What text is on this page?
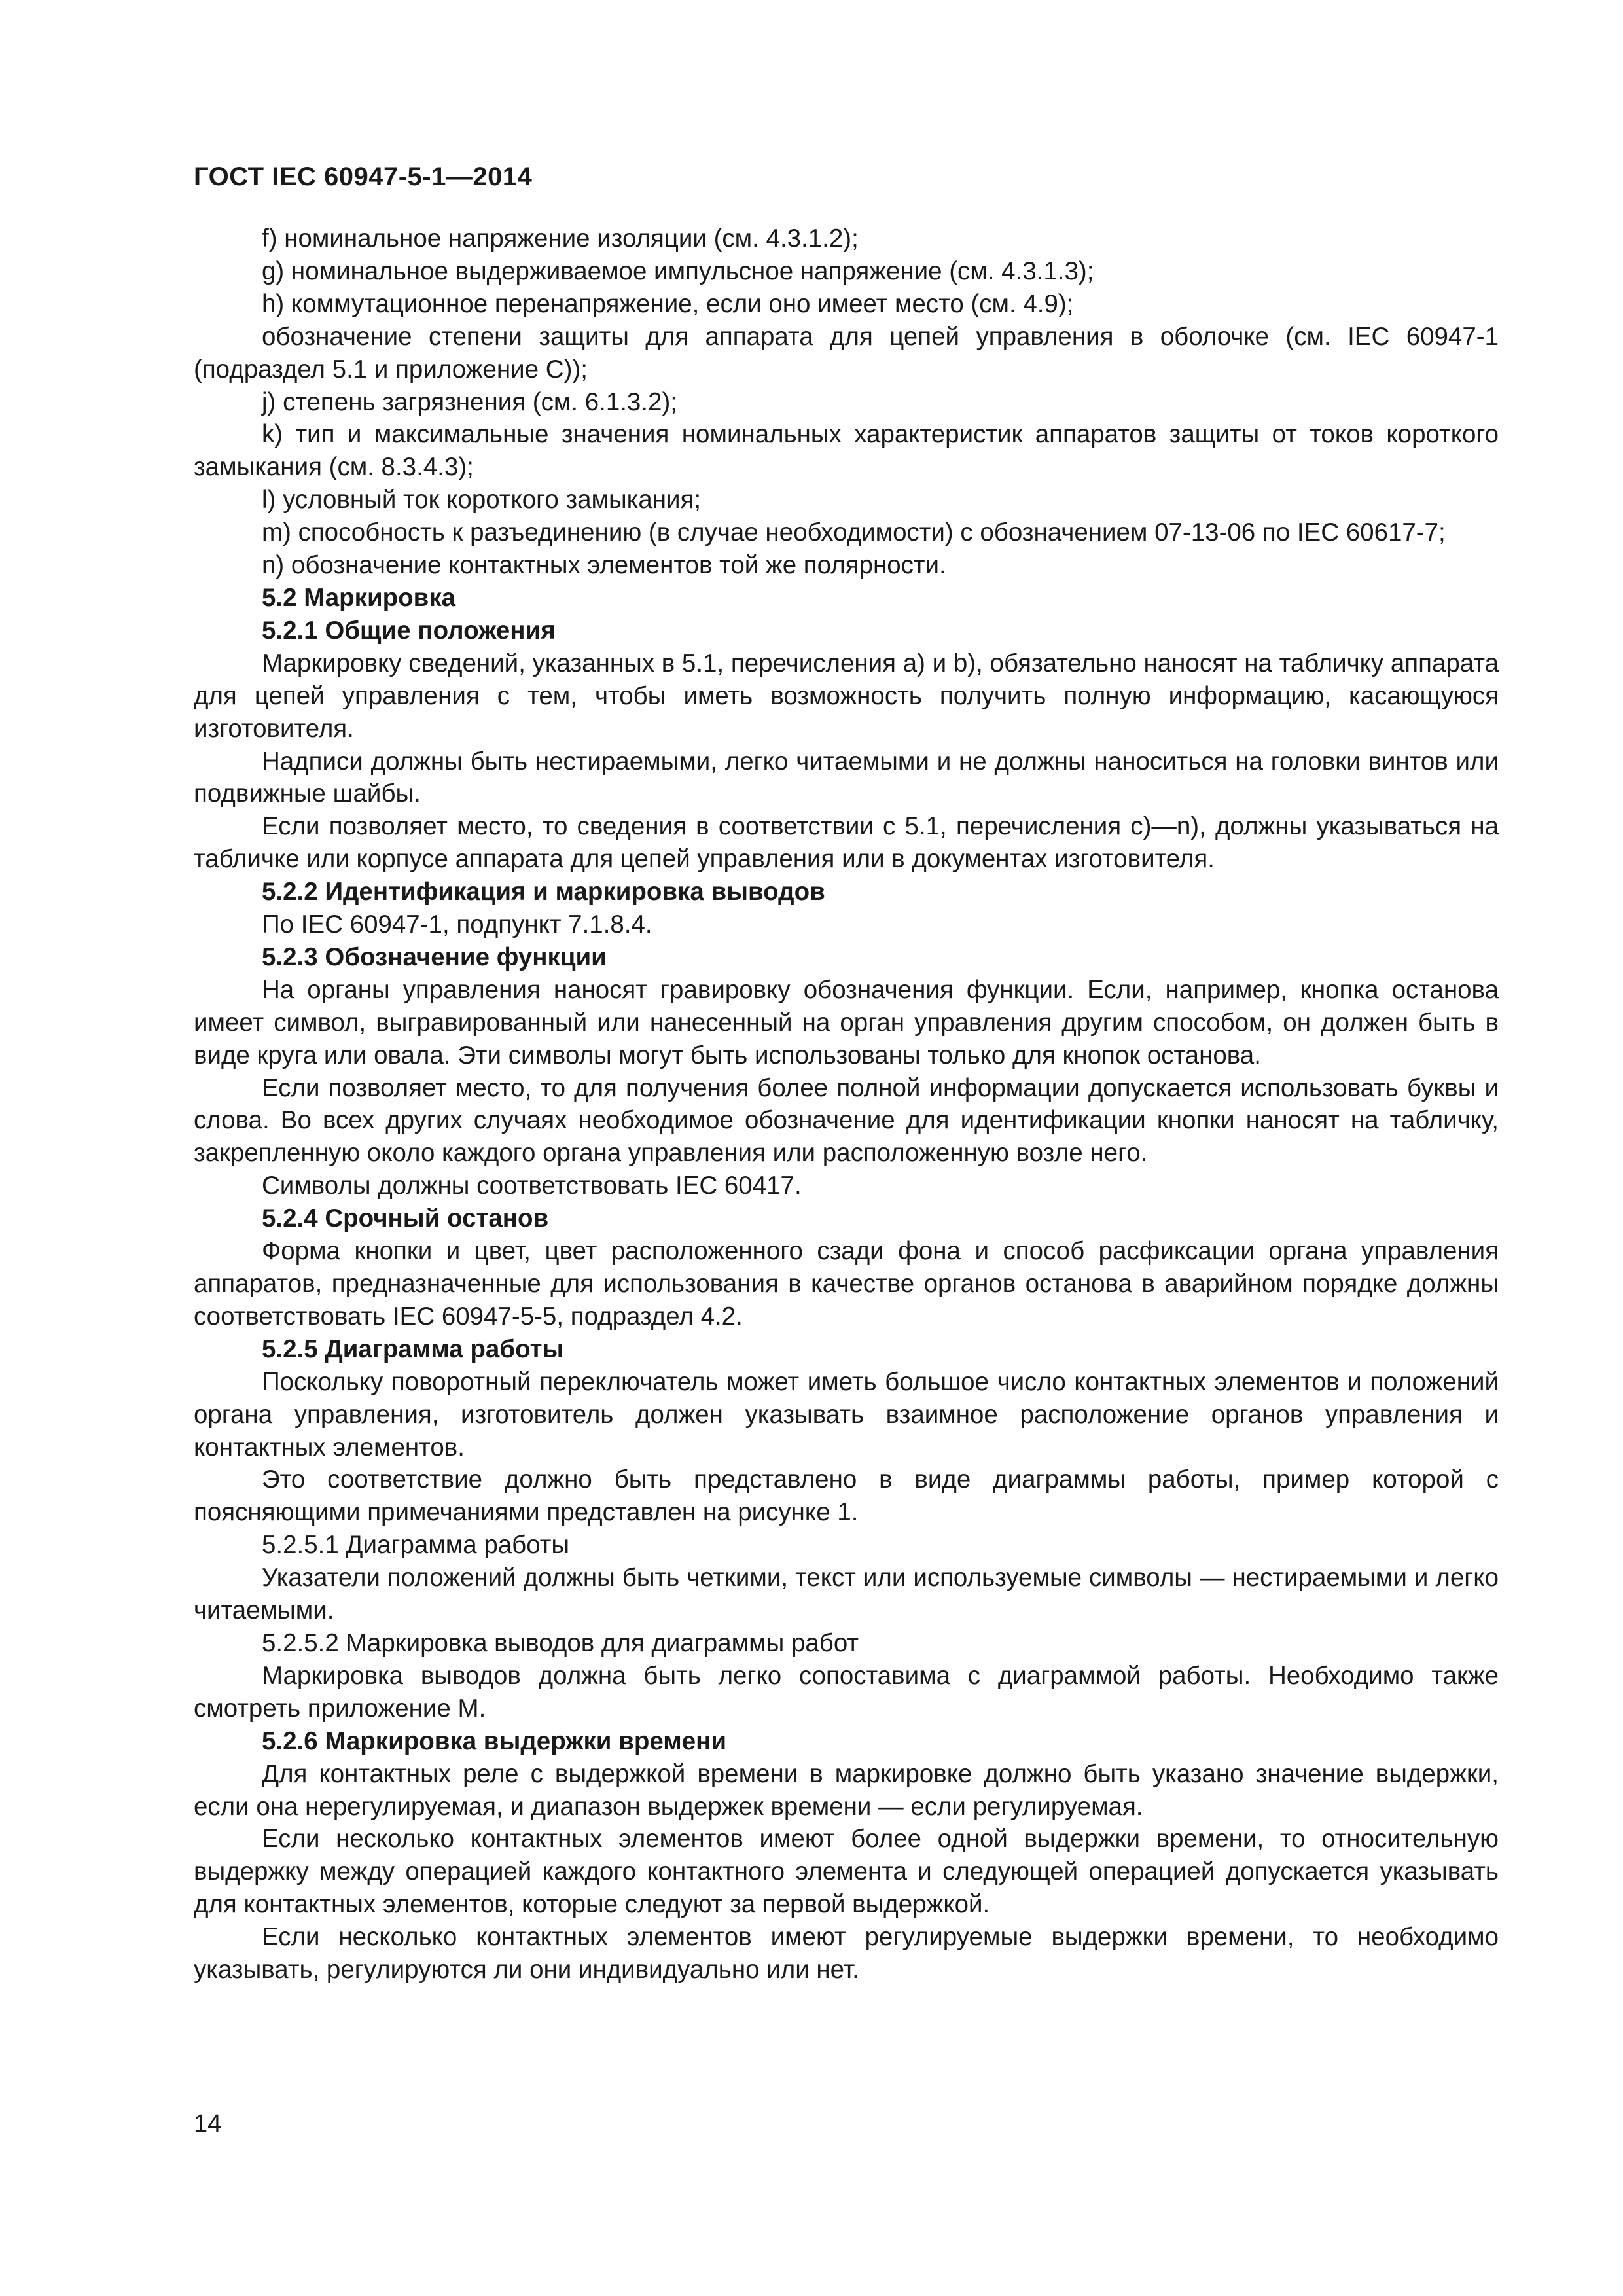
ГОСТ IEC 60947-5-1—2014

f) номинальное напряжение изоляции (см. 4.3.1.2);

g) номинальное выдерживаемое импульсное напряжение (см. 4.3.1.3);

h) коммутационное перенапряжение, если оно имеет место (см. 4.9);

обозначение степени защиты для аппарата для цепей управления в оболочке (см. IEC 60947-1 (подраздел 5.1 и приложение С));

j) степень загрязнения (см. 6.1.3.2);

k) тип и максимальные значения номинальных характеристик аппаратов защиты от токов короткого замыкания (см. 8.3.4.3);

l) условный ток короткого замыкания;

m) способность к разъединению (в случае необходимости) с обозначением 07-13-06 по IEC 60617-7;

n) обозначение контактных элементов той же полярности.

5.2 Маркировка

5.2.1 Общие положения

Маркировку сведений, указанных в 5.1, перечисления а) и b), обязательно наносят на табличку аппарата для цепей управления с тем, чтобы иметь возможность получить полную информацию, касающуюся изготовителя.

Надписи должны быть нестираемыми, легко читаемыми и не должны наноситься на головки винтов или подвижные шайбы.

Если позволяет место, то сведения в соответствии с 5.1, перечисления с)—n), должны указываться на табличке или корпусе аппарата для цепей управления или в документах изготовителя.

5.2.2 Идентификация и маркировка выводов

По IEC 60947-1, подпункт 7.1.8.4.

5.2.3 Обозначение функции

На органы управления наносят гравировку обозначения функции. Если, например, кнопка останова имеет символ, выгравированный или нанесенный на орган управления другим способом, он должен быть в виде круга или овала. Эти символы могут быть использованы только для кнопок останова.

Если позволяет место, то для получения более полной информации допускается использовать буквы и слова. Во всех других случаях необходимое обозначение для идентификации кнопки наносят на табличку, закрепленную около каждого органа управления или расположенную возле него.

Символы должны соответствовать IEC 60417.

5.2.4 Срочный останов

Форма кнопки и цвет, цвет расположенного сзади фона и способ расфиксации органа управления аппаратов, предназначенные для использования в качестве органов останова в аварийном порядке должны соответствовать IEC 60947-5-5, подраздел 4.2.

5.2.5 Диаграмма работы

Поскольку поворотный переключатель может иметь большое число контактных элементов и положений органа управления, изготовитель должен указывать взаимное расположение органов управления и контактных элементов.

Это соответствие должно быть представлено в виде диаграммы работы, пример которой с поясняющими примечаниями представлен на рисунке 1.

5.2.5.1 Диаграмма работы

Указатели положений должны быть четкими, текст или используемые символы — нестираемыми и легко читаемыми.

5.2.5.2 Маркировка выводов для диаграммы работ

Маркировка выводов должна быть легко сопоставима с диаграммой работы. Необходимо также смотреть приложение М.

5.2.6 Маркировка выдержки времени

Для контактных реле с выдержкой времени в маркировке должно быть указано значение выдержки, если она нерегулируемая, и диапазон выдержек времени — если регулируемая.

Если несколько контактных элементов имеют более одной выдержки времени, то относительную выдержку между операцией каждого контактного элемента и следующей операцией допускается указывать для контактных элементов, которые следуют за первой выдержкой.

Если несколько контактных элементов имеют регулируемые выдержки времени, то необходимо указывать, регулируются ли они индивидуально или нет.

14
